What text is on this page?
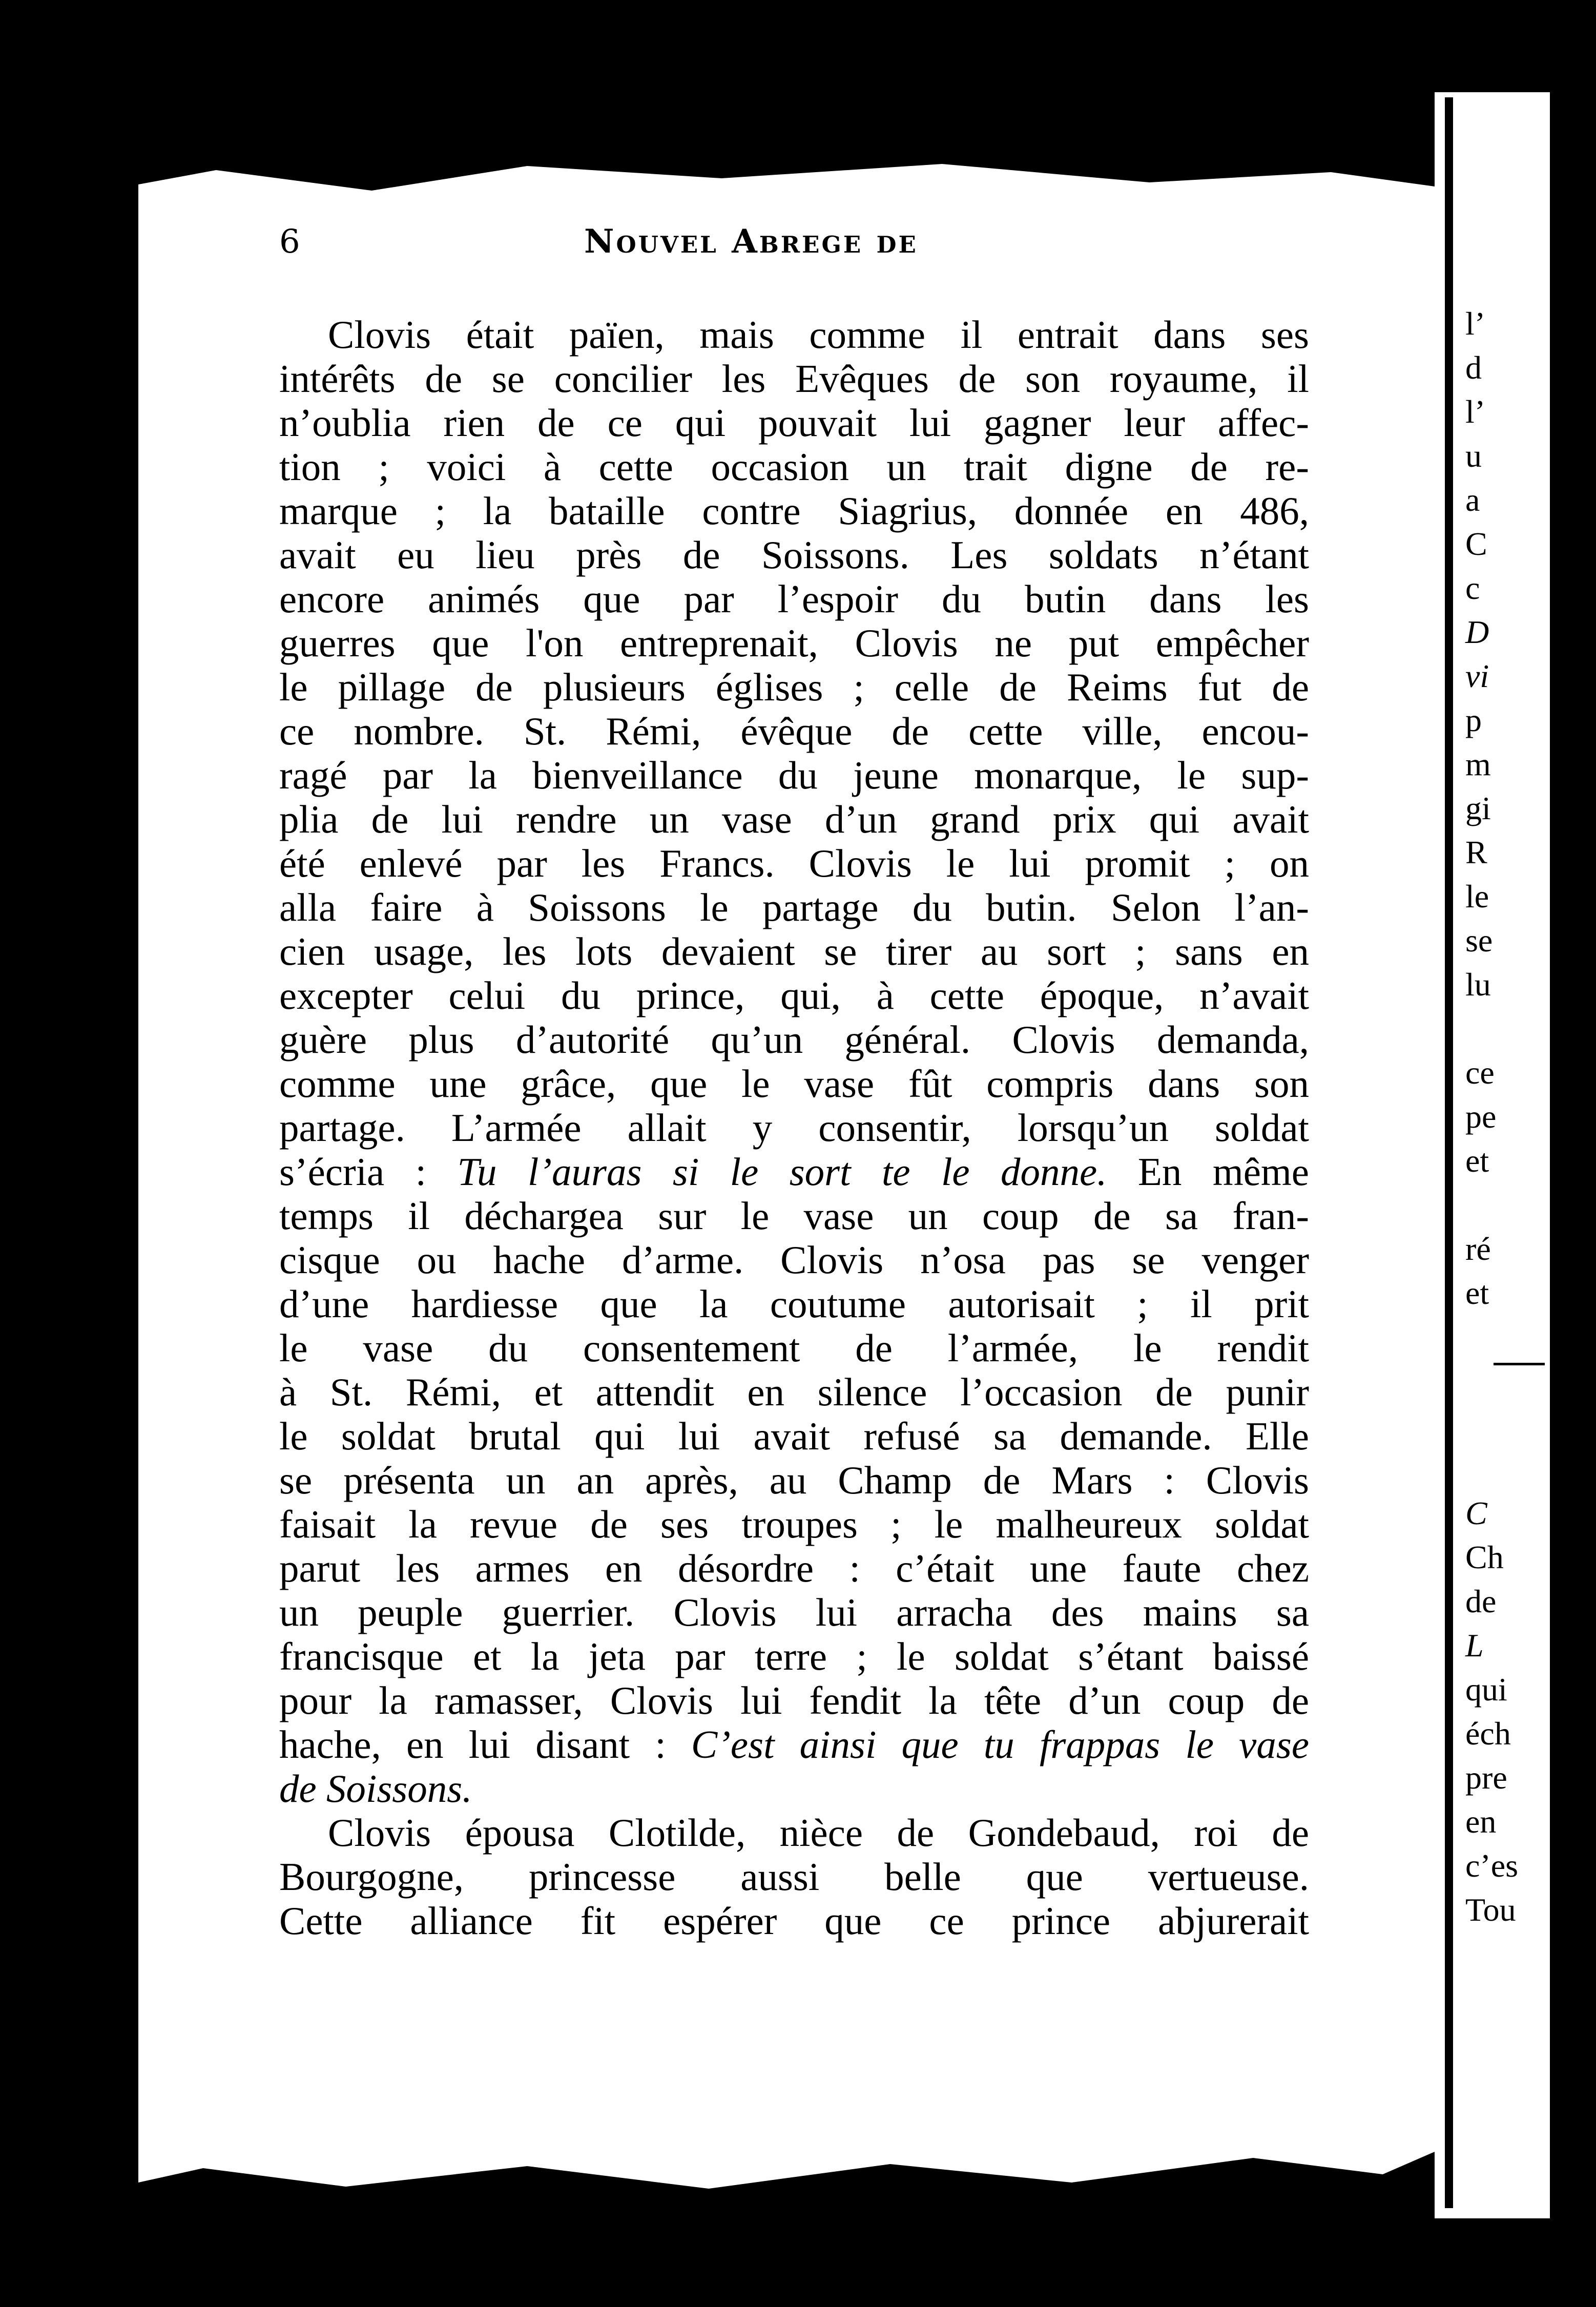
6	Nouvel Abrege de
Clovis était païen, mais comme il entrait dans ses
intérêts de se concilier les Evêques de son royaume, il
n’oublia rien de ce qui pouvait lui gagner leur affec-
tion ; voici à cette occasion un trait digne de re-
marque ; la bataille contre Siagrius, donnée en 486,
avait eu lieu près de Soissons. Les soldats n’étant
encore animés que par l’espoir du butin dans les
guerres que l'on entreprenait, Clovis ne put empêcher
le pillage de plusieurs églises ; celle de Reims fut de
ce nombre. St. Rémi, évêque de cette ville, encou-
ragé par la bienveillance du jeune monarque, le sup-
plia de lui rendre un vase d’un grand prix qui avait
été enlevé par les Francs. Clovis le lui promit ; on
alla faire à Soissons le partage du butin. Selon l’an-
cien usage, les lots devaient se tirer au sort ; sans en
excepter celui du prince, qui, à cette époque, n’avait
guère plus d’autorité qu’un général. Clovis demanda,
comme une grâce, que le vase fût compris dans son
partage. L’armée allait y consentir, lorsqu’un soldat
s’écria : Tu l’auras si le sort te le donne. En même
temps il déchargea sur le vase un coup de sa fran-
cisque ou hache d’arme. Clovis n’osa pas se venger
d’une hardiesse que la coutume autorisait ; il prit
le vase du consentement de l’armée, le rendit
à St. Rémi, et attendit en silence l’occasion de punir
le soldat brutal qui lui avait refusé sa demande. Elle
se présenta un an après, au Champ de Mars : Clovis
faisait la revue de ses troupes ; le malheureux soldat
parut les armes en désordre : c’était une faute chez
un peuple guerrier. Clovis lui arracha des mains sa
francisque et la jeta par terre ; le soldat s’étant baissé
pour la ramasser, Clovis lui fendit la tête d’un coup de
hache, en lui disant : C’est ainsi que tu frappas le vase
de Soissons.
Clovis épousa Clotilde, nièce de Gondebaud, roi de
Bourgogne, princesse aussi belle que vertueuse.
Cette alliance fit espérer que ce prince abjurerait
l’
d
l’
u
a
C
c
D
vi
p
m
gi
R
le
se
lu
ce
pe
et
ré
et
C
Ch
de
L
qui
éch
pre
en
c’es
Tou
